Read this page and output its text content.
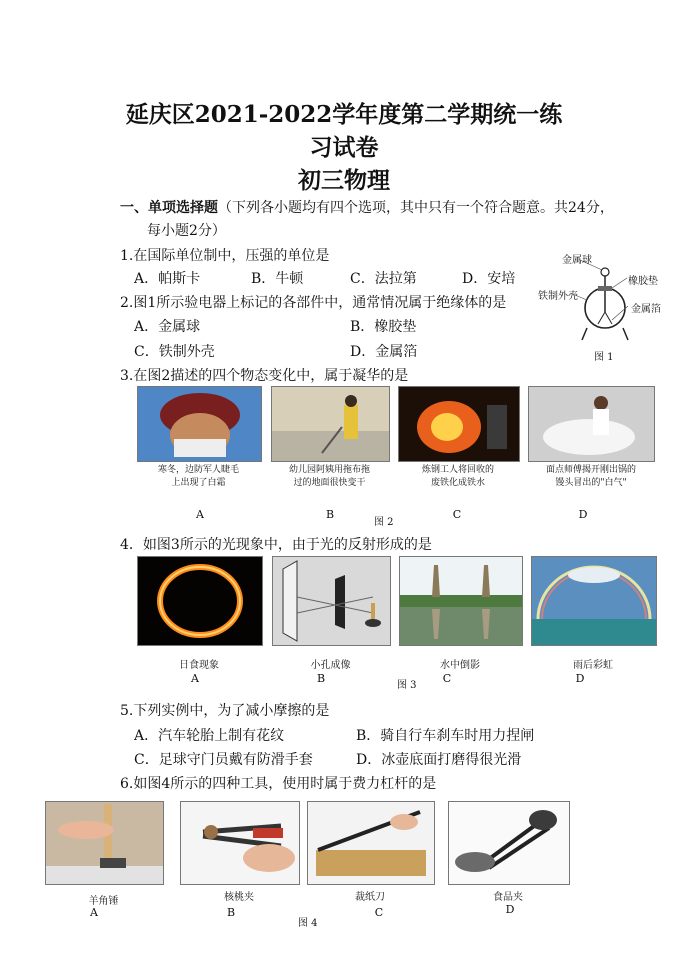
延庆区2021-2022学年度第二学期统一练
习试卷
初三物理
一、单项选择题（下列各小题均有四个选项，其中只有一个符合题意。共24分，
每小题2分）
1.在国际单位制中，压强的单位是
A．帕斯卡	B．牛顿	C．法拉第	D．安培
2.图1所示验电器上标记的各部件中，通常情况属于绝缘体的是
A．金属球	B．橡胶垫
C．铁制外壳	D．金属箔
金属球
橡胶垫
铁制外壳
金属箔
图 1
3.在图2描述的四个物态变化中，属于凝华的是
寒冬，边防军人睫毛
上出现了白霜
幼儿园阿姨用拖布拖
过的地面很快变干
炼钢工人将回收的
废铁化成铁水
面点师傅揭开刚出锅的
馒头冒出的"白气"
A	B
图 2
C	D
4．如图3所示的光现象中，由于光的反射形成的是
日食现象	小孔成像	水中倒影	雨后彩虹
A	B
图 3
C	D
5.下列实例中，为了减小摩擦的是
A．汽车轮胎上制有花纹	B．骑自行车刹车时用力捏闸
C．足球守门员戴有防滑手套	D．冰壶底面打磨得很光滑
6.如图4所示的四种工具，使用时属于费力杠杆的是
羊角锤	核桃夹	裁纸刀	食品夹
A	B
图 4
C	D
